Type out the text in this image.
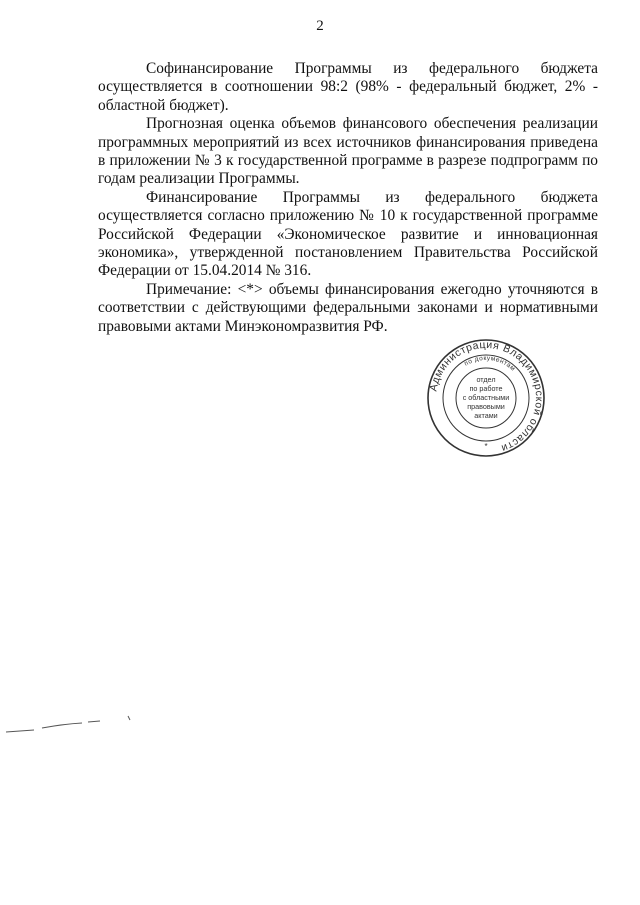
2

Софинансирование Программы из федерального бюджета осуществляется в соотношении 98:2 (98% - федеральный бюджет, 2% - областной бюджет).

Прогнозная оценка объемов финансового обеспечения реализации программных мероприятий из всех источников финансирования приведена в приложении № 3 к государственной программе в разрезе подпрограмм по годам реализации Программы.

Финансирование Программы из федерального бюджета осуществляется согласно приложению № 10 к государственной программе Российской Федерации «Экономическое развитие и инновационная экономика», утвержденной постановлением Правительства Российской Федерации от 15.04.2014 № 316.

Примечание: <*> объемы финансирования ежегодно уточняются в соответствии с действующими федеральными законами и нормативными правовыми актами Минэкономразвития РФ.

Администрация Владимирской области
по документам
отдел
по работе
с областными
правовыми
актами
*
